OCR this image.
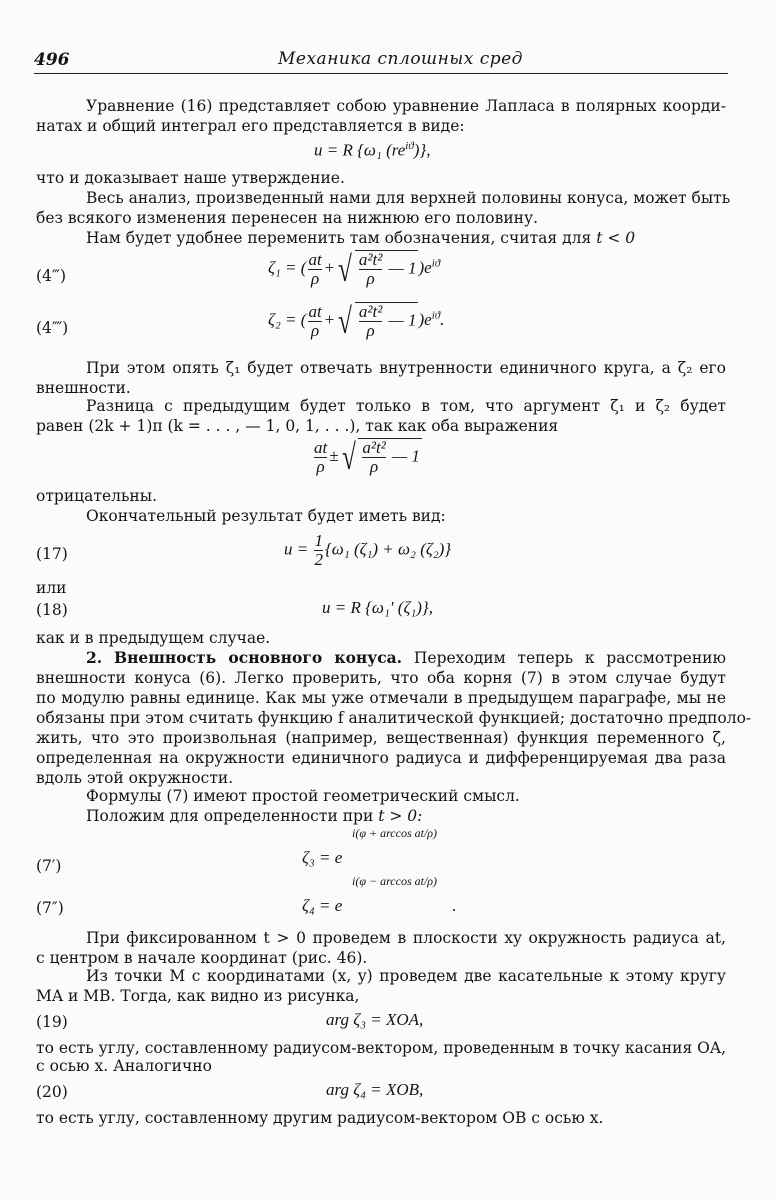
496	Механика сплошных сред
Уравнение (16) представляет собою уравнение Лапласа в полярных коорди-
натах и общий интеграл его представляется в виде:
u = R {ω₁ $(re^{iϑ})$},
что и доказывает наше утверждение.
Весь анализ, произведенный нами для верхней половины конуса, может быть
без всякого изменения перенесен на нижнюю его половину.
Нам будет удобнее переменить там обозначения, считая для t < 0
(4‴)	ζ₁ = ( $\frac{at}{\rho}$ +√ $\frac{\text{a²t²}}{\rho}$ — 1 )$e^{iϑ}$
(4⁗)	ζ₂ = ( $\frac{at}{\rho}$ +√ $\frac{\text{a²t²}}{\rho}$ — 1 )$e^{iϑ}$.
При этом опять ζ₁ будет отвечать внутренности единичного круга, а ζ₂ его
внешности.
Разница с предыдущим будет только в том, что аргумент ζ₁ и ζ₂ будет
равен (2k + 1)π (k = . . . , — 1, 0, 1, . . .), так как оба выражения
$\frac{at}{\rho}$ ±√ $\frac{\text{a²t²}}{\rho}$ — 1
отрицательны.
Окончательный результат будет иметь вид:
(17)	$u = \frac{1}{2} \{\omega_1$ (ζ₁) + ω₂ (ζ₂)}
или
(18)	u = R {ω₁′ (ζ₁)},
как и в предыдущем случае.
2. Внешность основного конуса. Переходим теперь к рассмотрению
внешности конуса (6). Легко проверить, что оба корня (7) в этом случае будут
по модулю равны единице. Как мы уже отмечали в предыдущем параграфе, мы не
обязаны при этом считать функцию f аналитической функцией; достаточно предполо-
жить, что это произвольная (например, вещественная) функция переменного ζ,
определенная на окружности единичного радиуса и дифференцируемая два раза
вдоль этой окружности.
Формулы (7) имеют простой геометрический смысл.
Положим для определенности при t > 0:
(7′)	ζ₃ = e
i(φ + arccos at/ρ)
(7″)	ζ₄ = e	.
i(φ − arccos at/ρ)
При фиксированном t > 0 проведем в плоскости xy окружность радиуса at,
с центром в начале координат (рис. 46).
Из точки M с координатами (x, y) проведем две касательные к этому кругу
MA и MB. Тогда, как видно из рисунка,
(19)	arg ζ₃ = XOA,
то есть углу, составленному радиусом-вектором, проведенным в точку касания OA,
с осью x. Аналогично
(20)	arg ζ₄ = XOB,
то есть углу, составленному другим радиусом-вектором OB с осью x.
